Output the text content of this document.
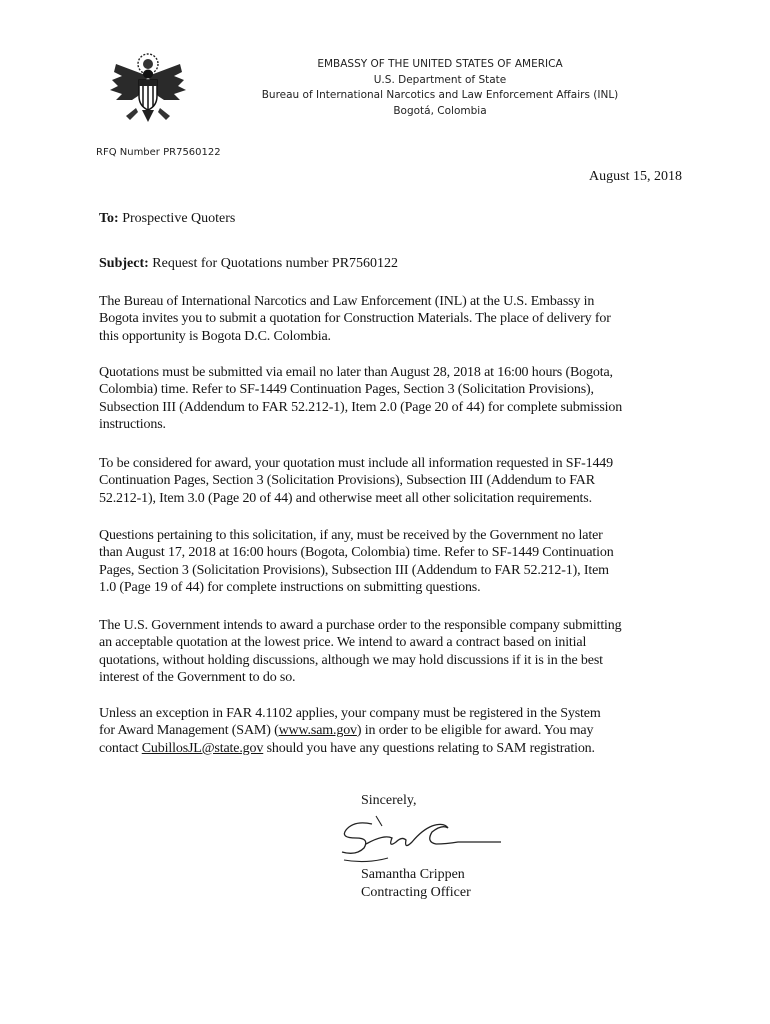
EMBASSY OF THE UNITED STATES OF AMERICA
U.S. Department of State
Bureau of International Narcotics and Law Enforcement Affairs (INL)
Bogotá, Colombia
RFQ Number PR7560122
August 15, 2018
To: Prospective Quoters
Subject: Request for Quotations number PR7560122

The Bureau of International Narcotics and Law Enforcement (INL) at the U.S. Embassy in
Bogota invites you to submit a quotation for Construction Materials. The place of delivery for
this opportunity is Bogota D.C. Colombia.

Quotations must be submitted via email no later than August 28, 2018 at 16:00 hours (Bogota,
Colombia) time. Refer to SF-1449 Continuation Pages, Section 3 (Solicitation Provisions),
Subsection III (Addendum to FAR 52.212-1), Item 2.0 (Page 20 of 44) for complete submission
instructions.

To be considered for award, your quotation must include all information requested in SF-1449
Continuation Pages, Section 3 (Solicitation Provisions), Subsection III (Addendum to FAR
52.212-1), Item 3.0 (Page 20 of 44) and otherwise meet all other solicitation requirements.

Questions pertaining to this solicitation, if any, must be received by the Government no later
than August 17, 2018 at 16:00 hours (Bogota, Colombia) time. Refer to SF-1449 Continuation
Pages, Section 3 (Solicitation Provisions), Subsection III (Addendum to FAR 52.212-1), Item
1.0 (Page 19 of 44) for complete instructions on submitting questions.

The U.S. Government intends to award a purchase order to the responsible company submitting
an acceptable quotation at the lowest price. We intend to award a contract based on initial
quotations, without holding discussions, although we may hold discussions if it is in the best
interest of the Government to do so.

Unless an exception in FAR 4.1102 applies, your company must be registered in the System
for Award Management (SAM) (www.sam.gov) in order to be eligible for award. You may
contact CubillosJL@state.gov should you have any questions relating to SAM registration.

Sincerely,
Samantha Crippen
Contracting Officer
